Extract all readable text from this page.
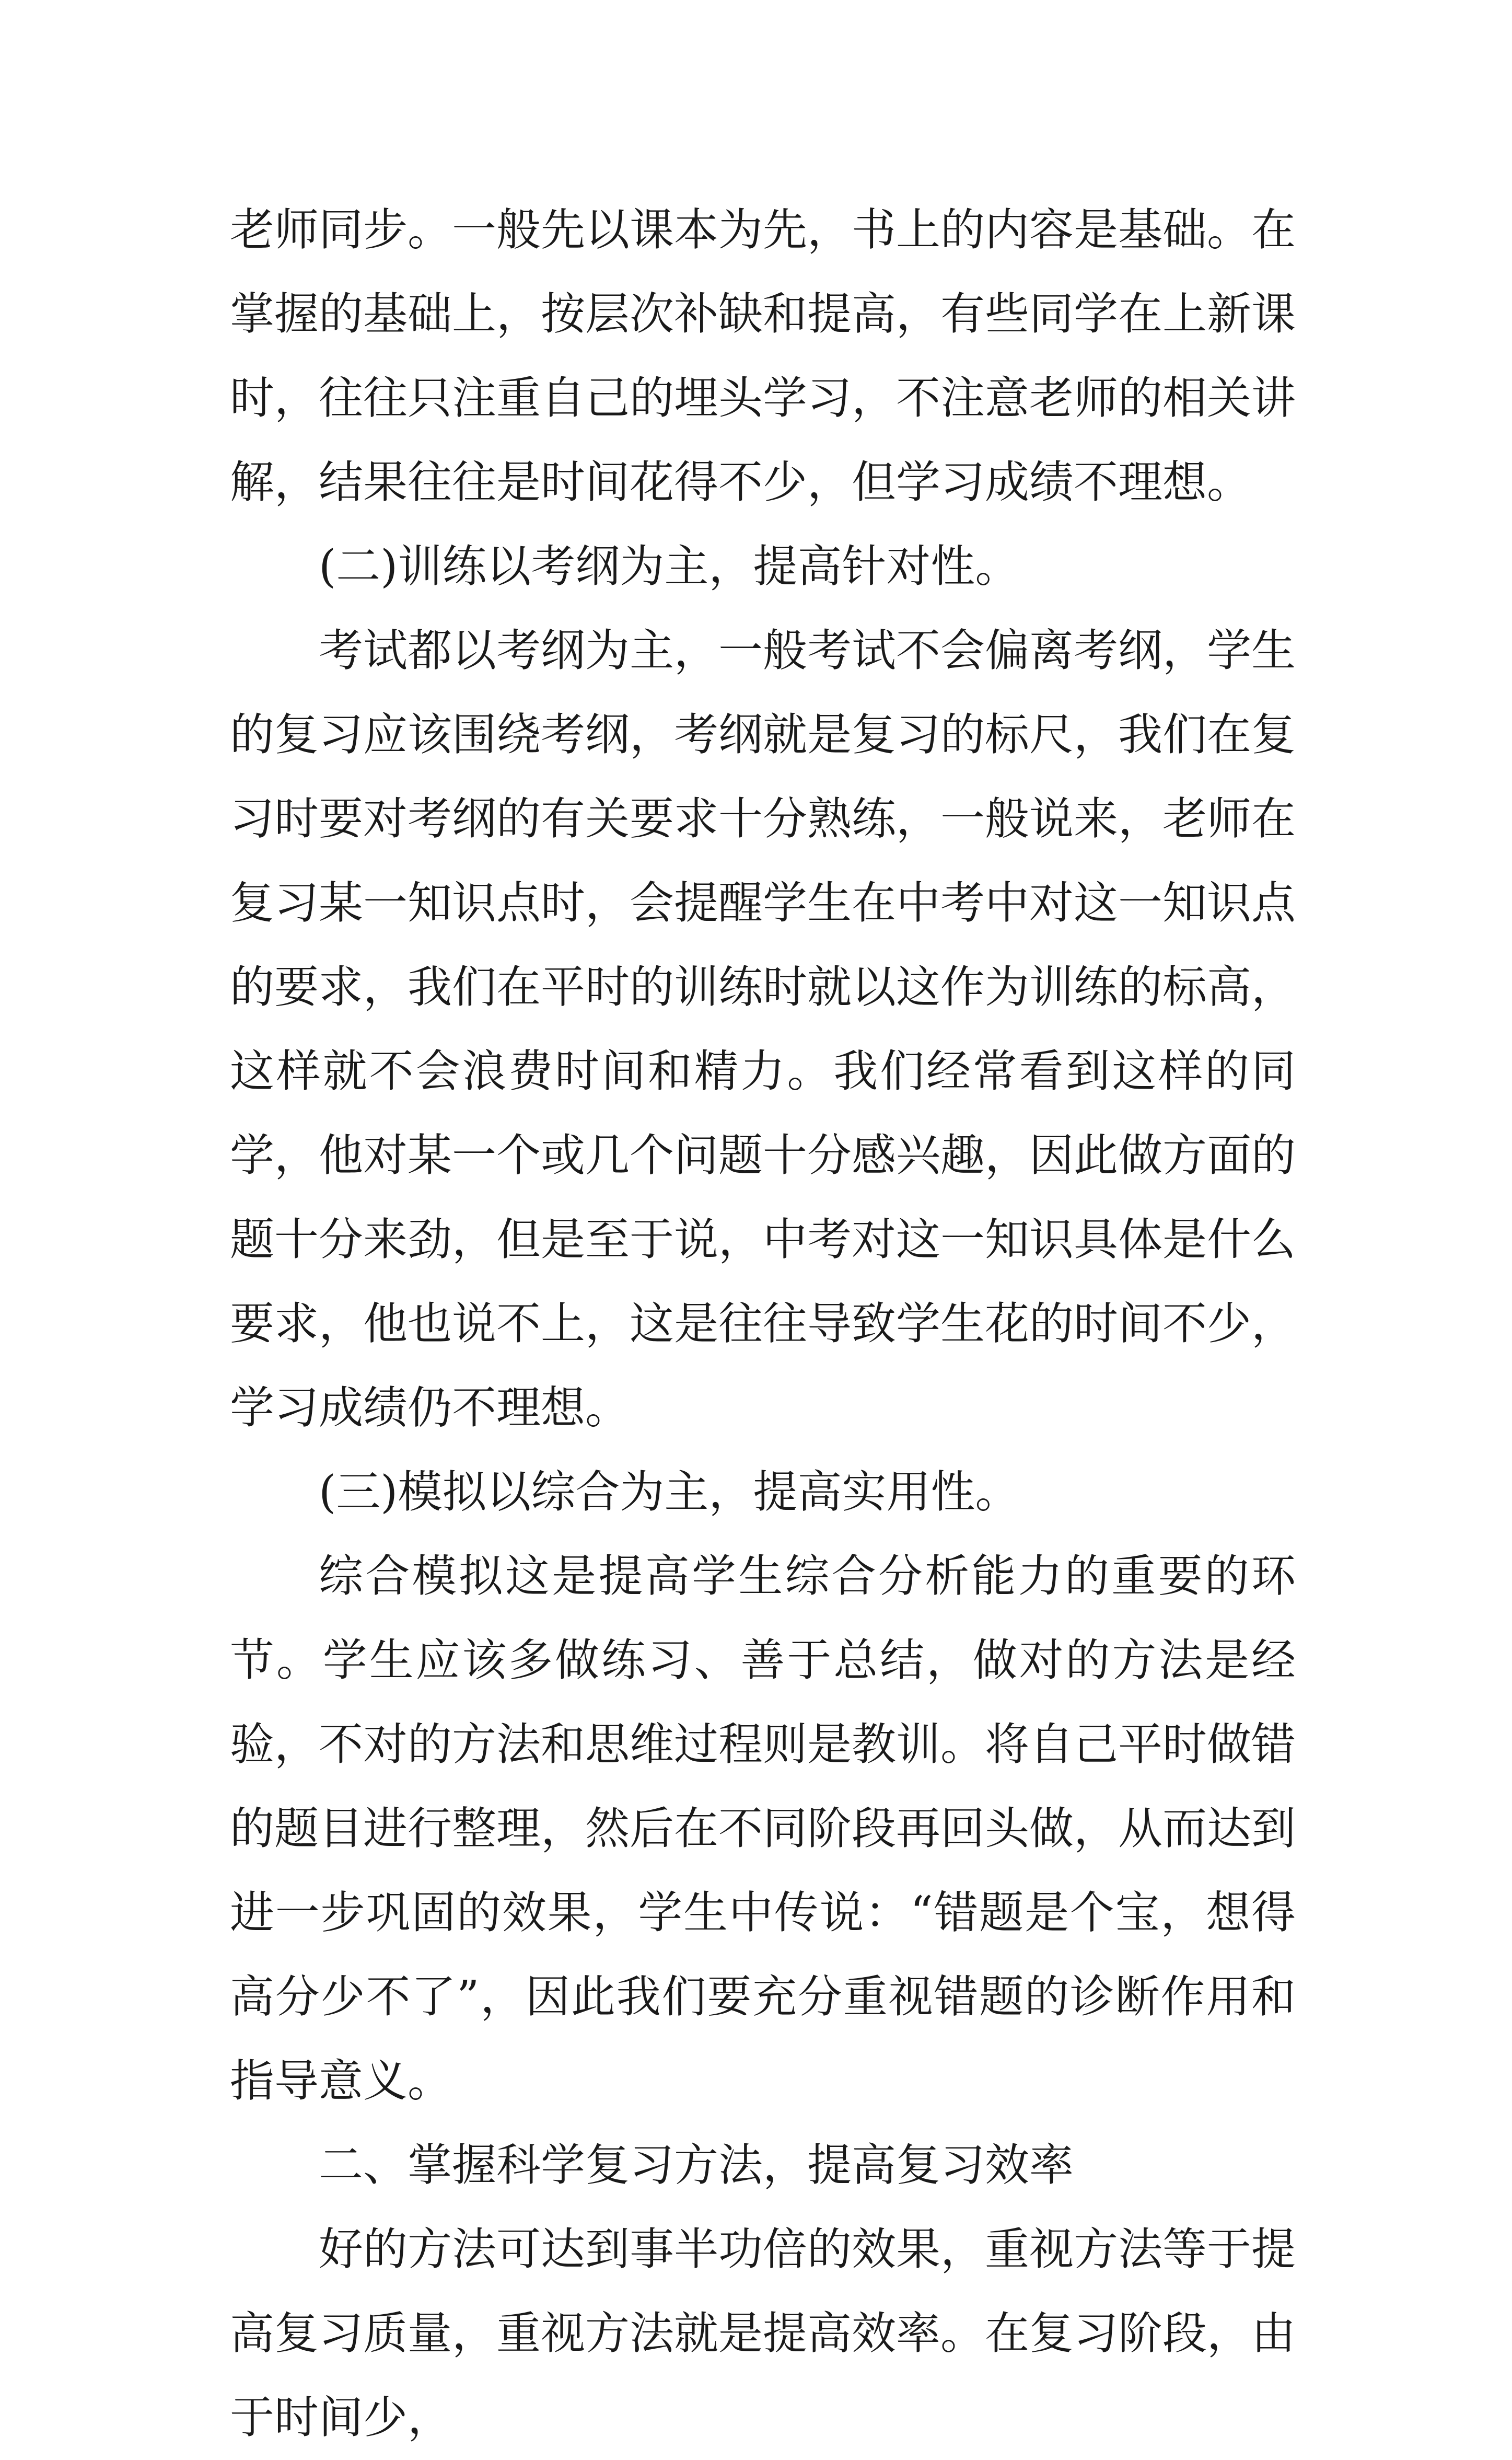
老师同步。一般先以课本为先，书上的内容是基础。在掌握的基础上，按层次补缺和提高，有些同学在上新课时，往往只注重自己的埋头学习，不注意老师的相关讲解，结果往往是时间花得不少，但学习成绩不理想。

(二)训练以考纲为主，提高针对性。

考试都以考纲为主，一般考试不会偏离考纲，学生的复习应该围绕考纲，考纲就是复习的标尺，我们在复习时要对考纲的有关要求十分熟练，一般说来，老师在复习某一知识点时，会提醒学生在中考中对这一知识点的要求，我们在平时的训练时就以这作为训练的标高，这样就不会浪费时间和精力。我们经常看到这样的同学，他对某一个或几个问题十分感兴趣，因此做方面的题十分来劲，但是至于说，中考对这一知识具体是什么要求，他也说不上，这是往往导致学生花的时间不少，学习成绩仍不理想。

(三)模拟以综合为主，提高实用性。

综合模拟这是提高学生综合分析能力的重要的环节。学生应该多做练习、善于总结，做对的方法是经验，不对的方法和思维过程则是教训。将自己平时做错的题目进行整理，然后在不同阶段再回头做，从而达到进一步巩固的效果，学生中传说：“错题是个宝，想得高分少不了”，因此我们要充分重视错题的诊断作用和指导意义。

二、掌握科学复习方法，提高复习效率

好的方法可达到事半功倍的效果，重视方法等于提高复习质量，重视方法就是提高效率。在复习阶段，由于时间少，
